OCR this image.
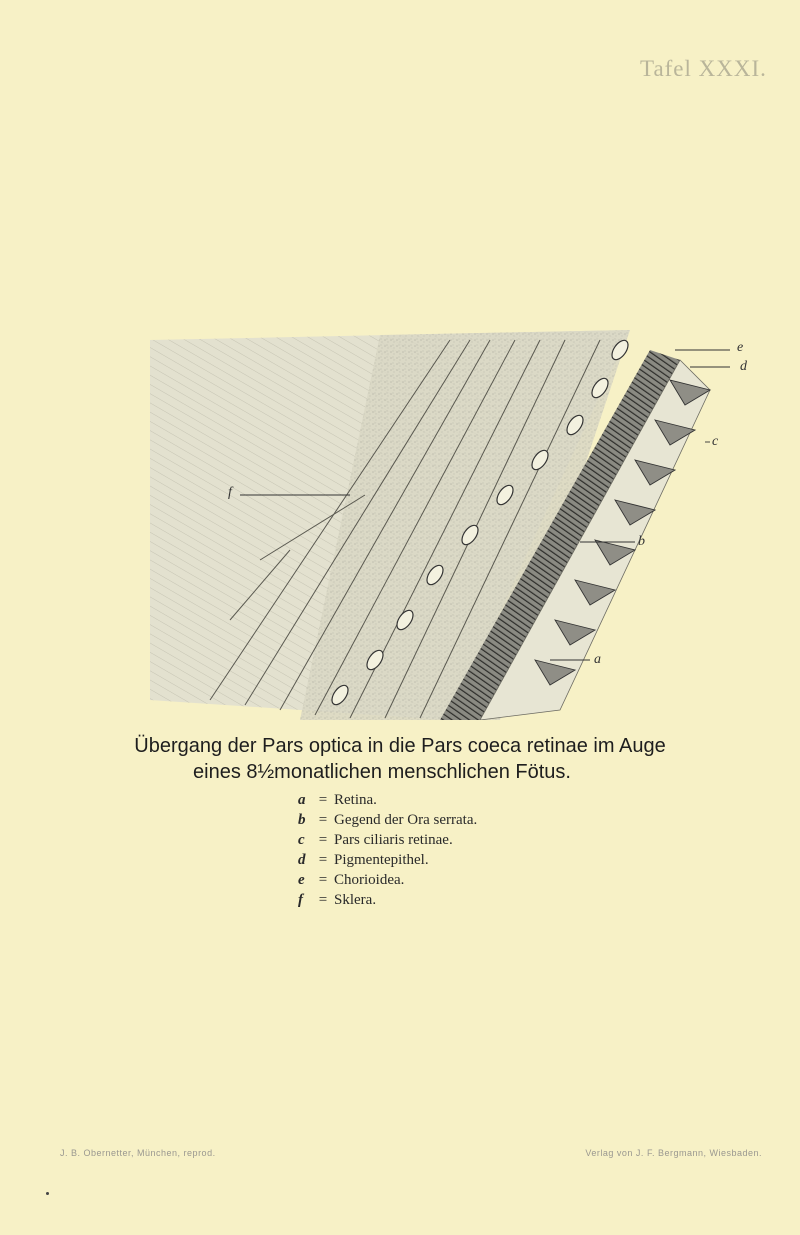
Tafel XXXI.
e
d
c
b
a
f
Übergang der Pars optica in die Pars coeca retinae im Auge

eines 8½monatlichen menschlichen Fötus.
a = Retina.
b = Gegend der Ora serrata.
c = Pars ciliaris retinae.
d = Pigmentepithel.
e = Chorioidea.
f	= Sklera.
J. B. Obernetter, München, reprod.	Verlag von J. F. Bergmann, Wiesbaden.
